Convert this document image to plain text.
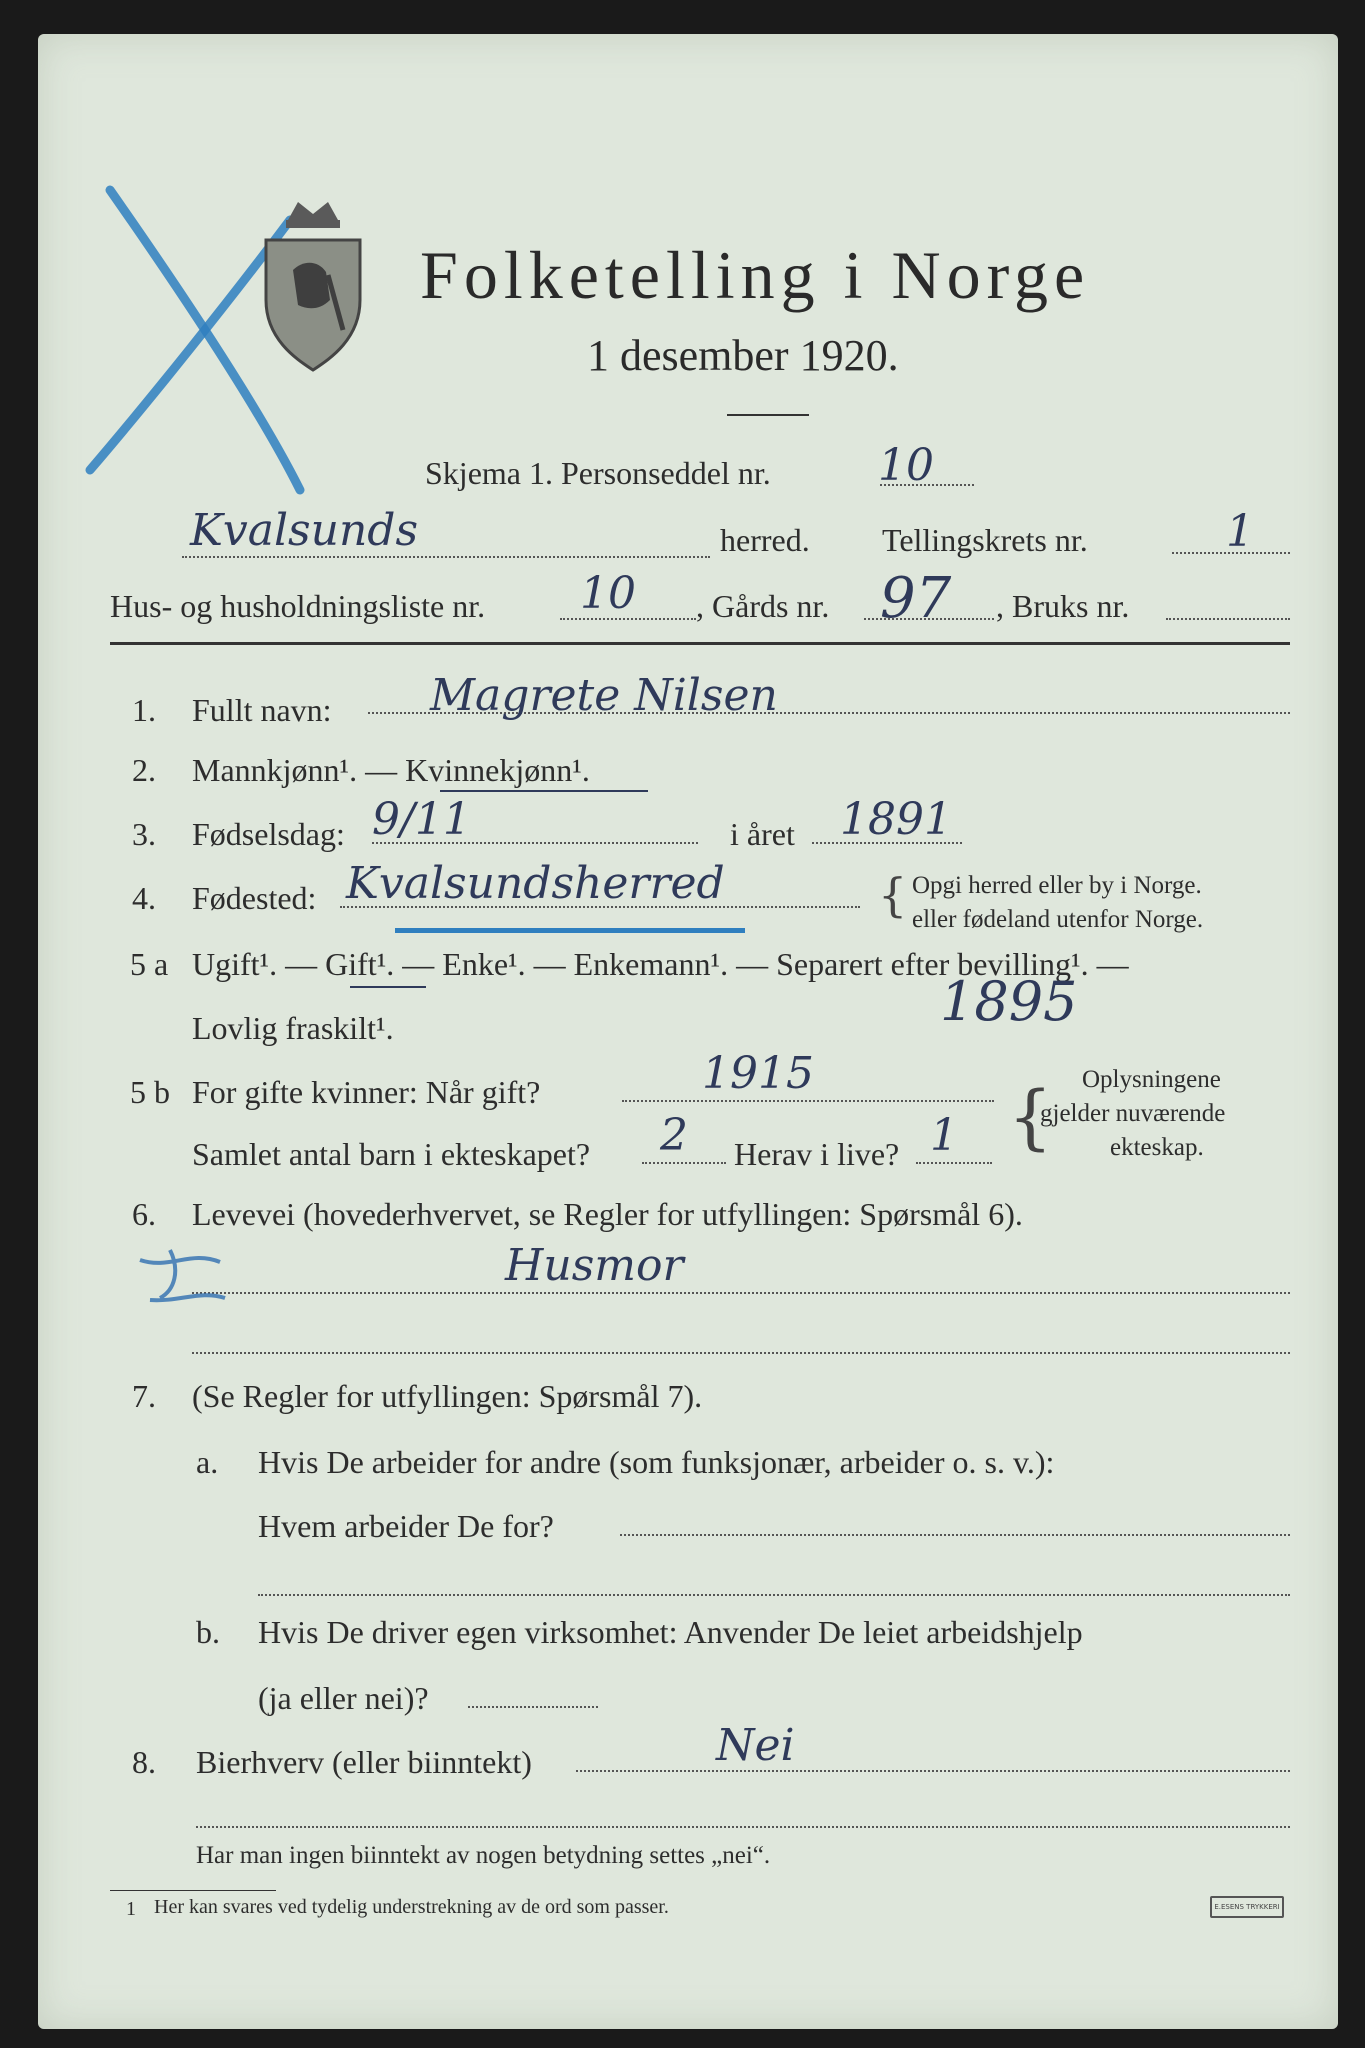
Folketelling i Norge
1 desember 1920.
Skjema 1. Personseddel nr. 10
Kvalsunds	herred. Tellingskrets nr.	1
Hus- og husholdningsliste nr. 10 , Gårds nr. 97 , Bruks nr.
1. Fullt navn: Magrete Nilsen
2. Mannkjønn¹. — Kvinnekjønn¹.
3. Fødselsdag: 9/11	i året 1891
4. Fødested: Kvalsundsherred	{ Opgi herred eller by i Norge.
eller fødeland utenfor Norge.
5 a Ugift¹. — Gift¹. — Enke¹. — Enkemann¹. — Separert efter bevilling¹. —
Lovlig fraskilt¹.	1895
5 b For gifte kvinner: Når gift?	1915
Samlet antal barn i ekteskapet? 2 Herav i live? 1 { Oplysningene
gjelder nuværende
ekteskap.
6. Levevei (hovederhvervet, se Regler for utfyllingen: Spørsmål 6).
Husmor
7. (Se Regler for utfyllingen: Spørsmål 7).
a. Hvis De arbeider for andre (som funksjonær, arbeider o. s. v.):
Hvem arbeider De for?
b. Hvis De driver egen virksomhet: Anvender De leiet arbeidshjelp
(ja eller nei)?
8. Bierhverv (eller biinntekt)	Nei
Har man ingen biinntekt av nogen betydning settes „nei“.
1 Her kan svares ved tydelig understrekning av de ord som passer.	E.ESENS TRYKKERI
